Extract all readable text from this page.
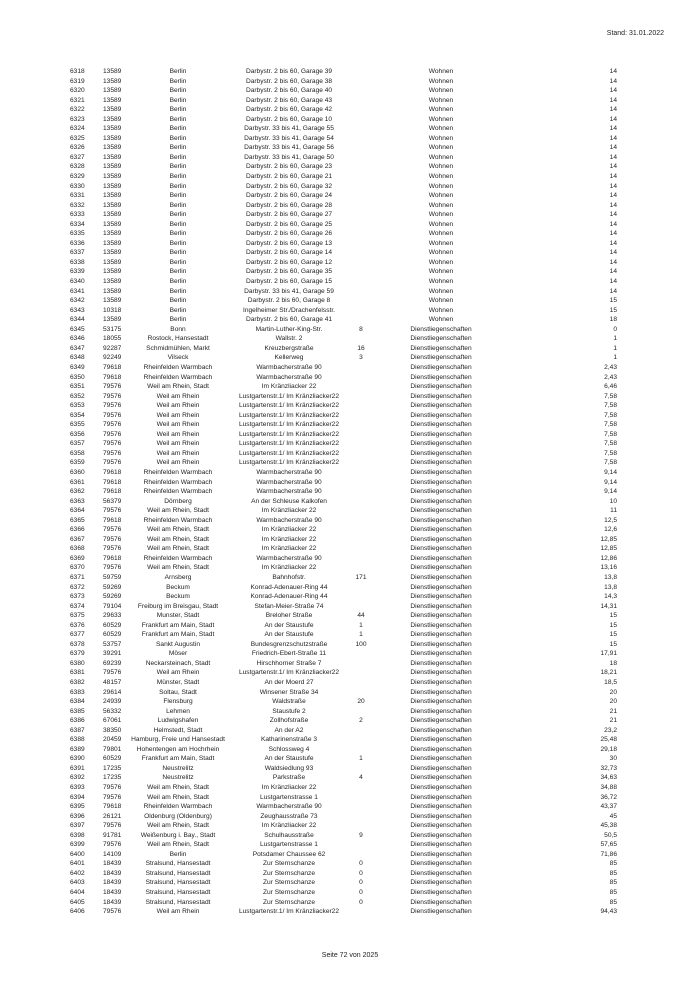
Stand: 31.01.2022
6318	13589	Berlin	Darbystr. 2 bis 60, Garage 39	Wohnen	14
6319	13589	Berlin	Darbystr. 2 bis 60, Garage 38	Wohnen	14
6320	13589	Berlin	Darbystr. 2 bis 60, Garage 40	Wohnen	14
6321	13589	Berlin	Darbystr. 2 bis 60, Garage 43	Wohnen	14
6322	13589	Berlin	Darbystr. 2 bis 60, Garage 42	Wohnen	14
6323	13589	Berlin	Darbystr. 2 bis 60, Garage 10	Wohnen	14
6324	13589	Berlin	Darbystr. 33 bis 41, Garage 55	Wohnen	14
6325	13589	Berlin	Darbystr. 33 bis 41, Garage 54	Wohnen	14
6326	13589	Berlin	Darbystr. 33 bis 41, Garage 56	Wohnen	14
6327	13589	Berlin	Darbystr. 33 bis 41, Garage 50	Wohnen	14
6328	13589	Berlin	Darbystr. 2 bis 60, Garage 23	Wohnen	14
6329	13589	Berlin	Darbystr. 2 bis 60, Garage 21	Wohnen	14
6330	13589	Berlin	Darbystr. 2 bis 60, Garage 32	Wohnen	14
6331	13589	Berlin	Darbystr. 2 bis 60, Garage 24	Wohnen	14
6332	13589	Berlin	Darbystr. 2 bis 60, Garage 28	Wohnen	14
6333	13589	Berlin	Darbystr. 2 bis 60, Garage 27	Wohnen	14
6334	13589	Berlin	Darbystr. 2 bis 60, Garage 25	Wohnen	14
6335	13589	Berlin	Darbystr. 2 bis 60, Garage 26	Wohnen	14
6336	13589	Berlin	Darbystr. 2 bis 60, Garage 13	Wohnen	14
6337	13589	Berlin	Darbystr. 2 bis 60, Garage 14	Wohnen	14
6338	13589	Berlin	Darbystr. 2 bis 60, Garage 12	Wohnen	14
6339	13589	Berlin	Darbystr. 2 bis 60, Garage 35	Wohnen	14
6340	13589	Berlin	Darbystr. 2 bis 60, Garage 15	Wohnen	14
6341	13589	Berlin	Darbystr. 33 bis 41, Garage 59	Wohnen	14
6342	13589	Berlin	Darbystr. 2 bis 60, Garage 8	Wohnen	15
6343	10318	Berlin	Ingelheimer Str./Drachenfelsstr.	Wohnen	15
6344	13589	Berlin	Darbystr. 2 bis 60, Garage 41	Wohnen	18
6345	53175	Bonn	Martin-Luther-King-Str.	8	Dienstliegenschaften	0
6346	18055	Rostock, Hansestadt	Wallstr. 2	Dienstliegenschaften	1
6347	92287	Schmidmühlen, Markt	Kreuzbergstraße	16	Dienstliegenschaften	1
6348	92249	Vilseck	Kellerweg	3	Dienstliegenschaften	1
6349	79618	Rheinfelden Warmbach	Warmbacherstraße 90	Dienstliegenschaften	2,43
6350	79618	Rheinfelden Warmbach	Warmbacherstraße 90	Dienstliegenschaften	2,43
6351	79576	Weil am Rhein, Stadt	Im Kränzliacker 22	Dienstliegenschaften	6,46
6352	79576	Weil am Rhein	Lustgartenstr.1/ Im Kränzliacker22	Dienstliegenschaften	7,58
6353	79576	Weil am Rhein	Lustgartenstr.1/ Im Kränzliacker22	Dienstliegenschaften	7,58
6354	79576	Weil am Rhein	Lustgartenstr.1/ Im Kränzliacker22	Dienstliegenschaften	7,58
6355	79576	Weil am Rhein	Lustgartenstr.1/ Im Kränzliacker22	Dienstliegenschaften	7,58
6356	79576	Weil am Rhein	Lustgartenstr.1/ Im Kränzliacker22	Dienstliegenschaften	7,58
6357	79576	Weil am Rhein	Lustgartenstr.1/ Im Kränzliacker22	Dienstliegenschaften	7,58
6358	79576	Weil am Rhein	Lustgartenstr.1/ Im Kränzliacker22	Dienstliegenschaften	7,58
6359	79576	Weil am Rhein	Lustgartenstr.1/ Im Kränzliacker22	Dienstliegenschaften	7,58
6360	79618	Rheinfelden Warmbach	Warmbacherstraße 90	Dienstliegenschaften	9,14
6361	79618	Rheinfelden Warmbach	Warmbacherstraße 90	Dienstliegenschaften	9,14
6362	79618	Rheinfelden Warmbach	Warmbacherstraße 90	Dienstliegenschaften	9,14
6363	56379	Dörnberg	An der Schleuse Kalkofen	Dienstliegenschaften	10
6364	79576	Weil am Rhein, Stadt	Im Kränzliacker 22	Dienstliegenschaften	11
6365	79618	Rheinfelden Warmbach	Warmbacherstraße 90	Dienstliegenschaften	12,5
6366	79576	Weil am Rhein, Stadt	Im Kränzliacker 22	Dienstliegenschaften	12,6
6367	79576	Weil am Rhein, Stadt	Im Kränzliacker 22	Dienstliegenschaften	12,85
6368	79576	Weil am Rhein, Stadt	Im Kränzliacker 22	Dienstliegenschaften	12,85
6369	79618	Rheinfelden Warmbach	Warmbacherstraße 90	Dienstliegenschaften	12,86
6370	79576	Weil am Rhein, Stadt	Im Kränzliacker 22	Dienstliegenschaften	13,16
6371	59759	Arnsberg	Bahnhofstr.	171	Dienstliegenschaften	13,8
6372	59269	Beckum	Konrad-Adenauer-Ring 44	Dienstliegenschaften	13,8
6373	59269	Beckum	Konrad-Adenauer-Ring 44	Dienstliegenschaften	14,3
6374	79104	Freiburg im Breisgau, Stadt	Stefan-Meier-Straße 74	Dienstliegenschaften	14,31
6375	29633	Munster, Stadt	Breloher Straße	44	Dienstliegenschaften	15
6376	60529	Frankfurt am Main, Stadt	An der Staustufe	1	Dienstliegenschaften	15
6377	60529	Frankfurt am Main, Stadt	An der Staustufe	1	Dienstliegenschaften	15
6378	53757	Sankt Augustin	Bundesgrenzschutzstraße	100	Dienstliegenschaften	15
6379	39291	Möser	Friedrich-Ebert-Straße 11	Dienstliegenschaften	17,91
6380	69239	Neckarsteinach, Stadt	Hirschhorner Straße 7	Dienstliegenschaften	18
6381	79576	Weil am Rhein	Lustgartenstr.1/ Im Kränzliacker22	Dienstliegenschaften	18,21
6382	48157	Münster, Stadt	An der Moerd 27	Dienstliegenschaften	18,5
6383	29614	Soltau, Stadt	Winsener Straße 34	Dienstliegenschaften	20
6384	24939	Flensburg	Waldstraße	20	Dienstliegenschaften	20
6385	56332	Lehmen	Staustufe 2	Dienstliegenschaften	21
6386	67061	Ludwigshafen	Zollhofstraße	2	Dienstliegenschaften	21
6387	38350	Helmstedt, Stadt	An der A2	Dienstliegenschaften	23,2
6388	20459 Hamburg, Freie und Hansestadt	Katharinenstraße 3	Dienstliegenschaften	25,48
6389	79801 Hohentengen am Hochrhein	Schlossweg 4	Dienstliegenschaften	29,18
6390	60529	Frankfurt am Main, Stadt	An der Staustufe	1	Dienstliegenschaften	30
6391	17235	Neustrelitz	Waldsiedlung 93	Dienstliegenschaften	32,73
6392	17235	Neustrelitz	Parkstraße	4	Dienstliegenschaften	34,63
6393	79576	Weil am Rhein, Stadt	Im Kränzliacker 22	Dienstliegenschaften	34,88
6394	79576	Weil am Rhein, Stadt	Lustgartenstrasse 1	Dienstliegenschaften	36,72
6395	79618	Rheinfelden Warmbach	Warmbacherstraße 90	Dienstliegenschaften	43,37
6396	26121	Oldenburg (Oldenburg)	Zeughausstraße 73	Dienstliegenschaften	45
6397	79576	Weil am Rhein, Stadt	Im Kränzliacker 22	Dienstliegenschaften	45,38
6398	91781	Weißenburg i. Bay., Stadt	Schulhausstraße	9	Dienstliegenschaften	50,5
6399	79576	Weil am Rhein, Stadt	Lustgartenstrasse 1	Dienstliegenschaften	57,65
6400	14109	Berlin	Potsdamer Chaussee 62	Dienstliegenschaften	71,86
6401	18439	Stralsund, Hansestadt	Zur Sternschanze	0	Dienstliegenschaften	85
6402	18439	Stralsund, Hansestadt	Zur Sternschanze	0	Dienstliegenschaften	85
6403	18439	Stralsund, Hansestadt	Zur Sternschanze	0	Dienstliegenschaften	85
6404	18439	Stralsund, Hansestadt	Zur Sternschanze	0	Dienstliegenschaften	85
6405	18439	Stralsund, Hansestadt	Zur Sternschanze	0	Dienstliegenschaften	85
6406	79576	Weil am Rhein	Lustgartenstr.1/ Im Kränzliacker22	Dienstliegenschaften	94,43
Seite 72 von 2025
